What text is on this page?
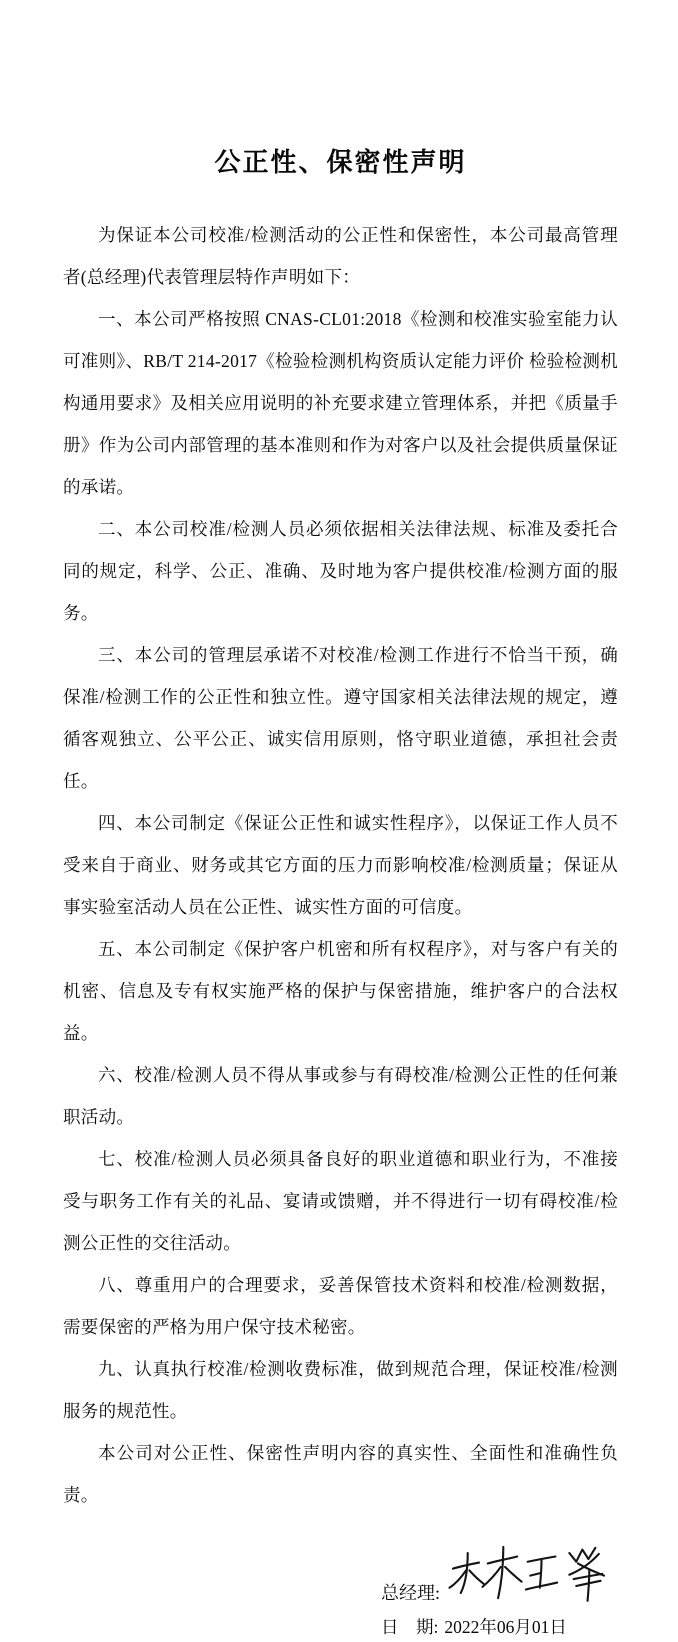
公正性、保密性声明

为保证本公司校准/检测活动的公正性和保密性，本公司最高管理者(总经理)代表管理层特作声明如下：

一、本公司严格按照 CNAS-CL01:2018《检测和校准实验室能力认可准则》、RB/T 214-2017《检验检测机构资质认定能力评价 检验检测机构通用要求》及相关应用说明的补充要求建立管理体系，并把《质量手册》作为公司内部管理的基本准则和作为对客户以及社会提供质量保证的承诺。

二、本公司校准/检测人员必须依据相关法律法规、标准及委托合同的规定，科学、公正、准确、及时地为客户提供校准/检测方面的服务。

三、本公司的管理层承诺不对校准/检测工作进行不恰当干预，确保准/检测工作的公正性和独立性。遵守国家相关法律法规的规定，遵循客观独立、公平公正、诚实信用原则，恪守职业道德，承担社会责任。

四、本公司制定《保证公正性和诚实性程序》，以保证工作人员不受来自于商业、财务或其它方面的压力而影响校准/检测质量；保证从事实验室活动人员在公正性、诚实性方面的可信度。

五、本公司制定《保护客户机密和所有权程序》，对与客户有关的机密、信息及专有权实施严格的保护与保密措施，维护客户的合法权益。

六、校准/检测人员不得从事或参与有碍校准/检测公正性的任何兼职活动。

七、校准/检测人员必须具备良好的职业道德和职业行为，不准接受与职务工作有关的礼品、宴请或馈赠，并不得进行一切有碍校准/检测公正性的交往活动。

八、尊重用户的合理要求，妥善保管技术资料和校准/检测数据，需要保密的严格为用户保守技术秘密。

九、认真执行校准/检测收费标准，做到规范合理，保证校准/检测服务的规范性。

本公司对公正性、保密性声明内容的真实性、全面性和准确性负责。

总经理:
日　期: 2022年06月01日
